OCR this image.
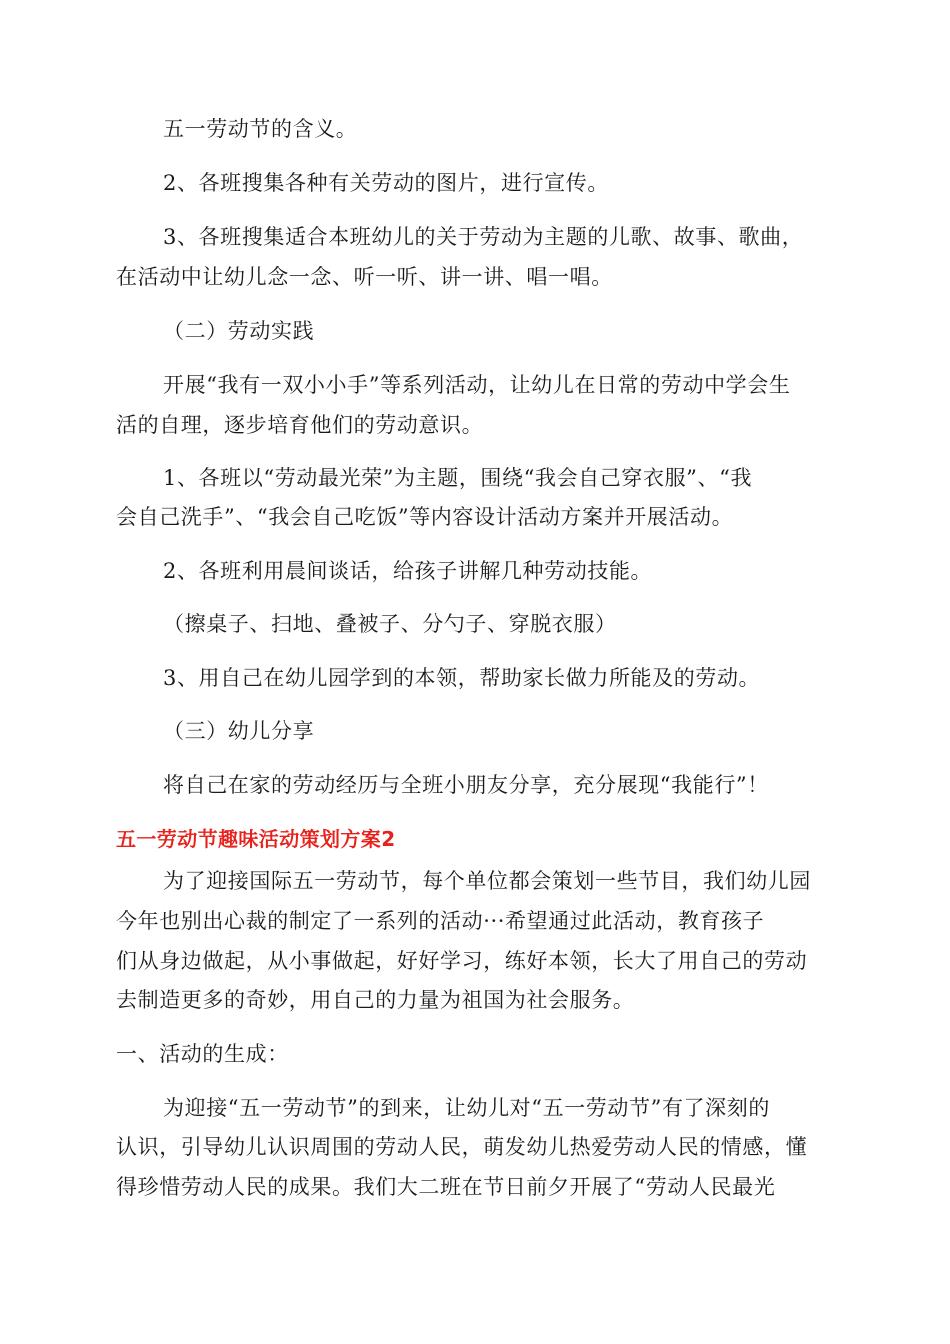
五一劳动节的含义。
2、各班搜集各种有关劳动的图片，进行宣传。
3、各班搜集适合本班幼儿的关于劳动为主题的儿歌、故事、歌曲，
在活动中让幼儿念一念、听一听、讲一讲、唱一唱。
（二）劳动实践
开展“我有一双小小手”等系列活动，让幼儿在日常的劳动中学会生
活的自理，逐步培育他们的劳动意识。
1、各班以“劳动最光荣”为主题，围绕“我会自己穿衣服”、“我
会自己洗手”、“我会自己吃饭”等内容设计活动方案并开展活动。
2、各班利用晨间谈话，给孩子讲解几种劳动技能。
（擦桌子、扫地、叠被子、分勺子、穿脱衣服）
3、用自己在幼儿园学到的本领，帮助家长做力所能及的劳动。
（三）幼儿分享
将自己在家的劳动经历与全班小朋友分享，充分展现“我能行”！
五一劳动节趣味活动策划方案2
为了迎接国际五一劳动节，每个单位都会策划一些节目，我们幼儿园
今年也别出心裁的制定了一系列的活动···希望通过此活动，教育孩子
们从身边做起，从小事做起，好好学习，练好本领，长大了用自己的劳动
去制造更多的奇妙，用自己的力量为祖国为社会服务。
一、活动的生成：
为迎接“五一劳动节”的到来，让幼儿对“五一劳动节”有了深刻的
认识，引导幼儿认识周围的劳动人民，萌发幼儿热爱劳动人民的情感，懂
得珍惜劳动人民的成果。我们大二班在节日前夕开展了“劳动人民最光
